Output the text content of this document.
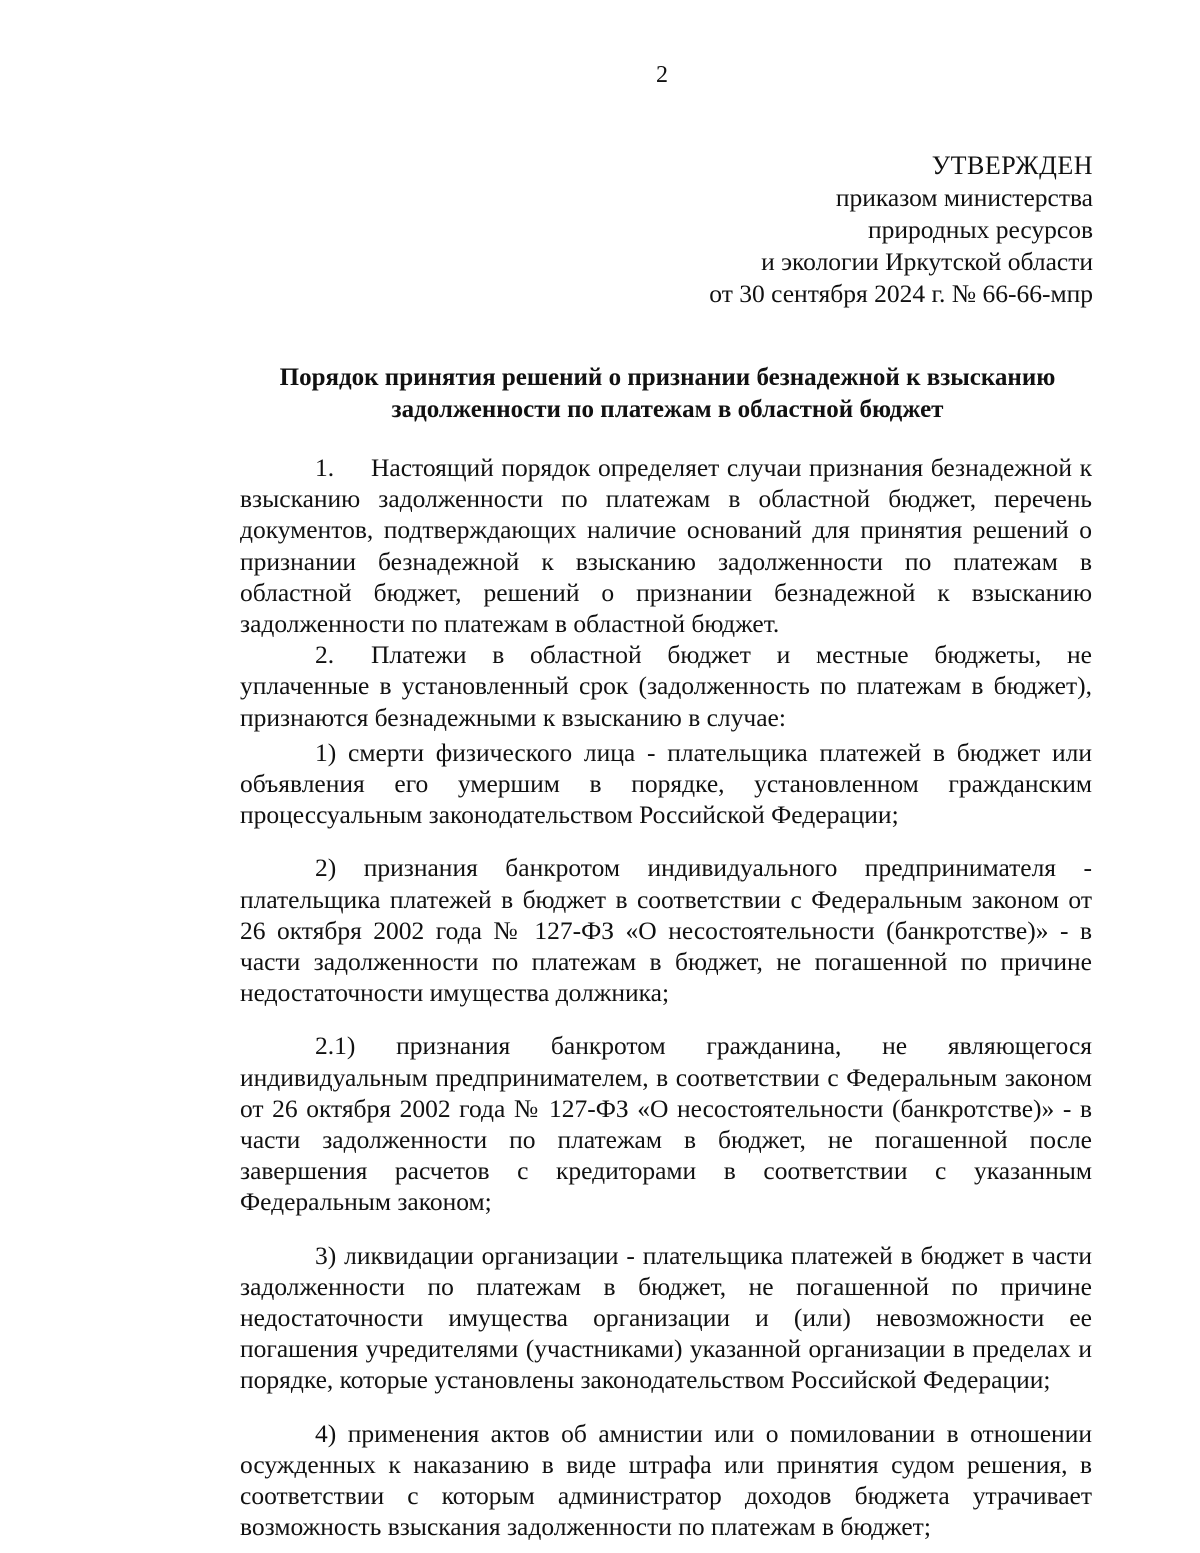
2
УТВЕРЖДЕН
приказом министерства
природных ресурсов
и экологии Иркутской области
от 30 сентября 2024 г. № 66-66-мпр
Порядок принятия решений о признании безнадежной к взысканию
задолженности по платежам в областной бюджет

1. Настоящий порядок определяет случаи признания безнадежной к взысканию задолженности по платежам в областной бюджет, перечень документов, подтверждающих наличие оснований для принятия решений о признании безнадежной к взысканию задолженности по платежам в областной бюджет, решений о признании безнадежной к взысканию задолженности по платежам в областной бюджет.

2. Платежи в областной бюджет и местные бюджеты, не уплаченные в установленный срок (задолженность по платежам в бюджет), признаются безнадежными к взысканию в случае:

1) смерти физического лица - плательщика платежей в бюджет или объявления его умершим в порядке, установленном гражданским процессуальным законодательством Российской Федерации;

2) признания банкротом индивидуального предпринимателя - плательщика платежей в бюджет в соответствии с Федеральным законом от 26 октября 2002 года № 127-ФЗ «О несостоятельности (банкротстве)» - в части задолженности по платежам в бюджет, не погашенной по причине недостаточности имущества должника;

2.1) признания банкротом гражданина, не являющегося индивидуальным предпринимателем, в соответствии с Федеральным законом от 26 октября 2002 года № 127-ФЗ «О несостоятельности (банкротстве)» - в части задолженности по платежам в бюджет, не погашенной после завершения расчетов с кредиторами в соответствии с указанным Федеральным законом;

3) ликвидации организации - плательщика платежей в бюджет в части задолженности по платежам в бюджет, не погашенной по причине недостаточности имущества организации и (или) невозможности ее погашения учредителями (участниками) указанной организации в пределах и порядке, которые установлены законодательством Российской Федерации;

4) применения актов об амнистии или о помиловании в отношении осужденных к наказанию в виде штрафа или принятия судом решения, в соответствии с которым администратор доходов бюджета утрачивает возможность взыскания задолженности по платежам в бюджет;
